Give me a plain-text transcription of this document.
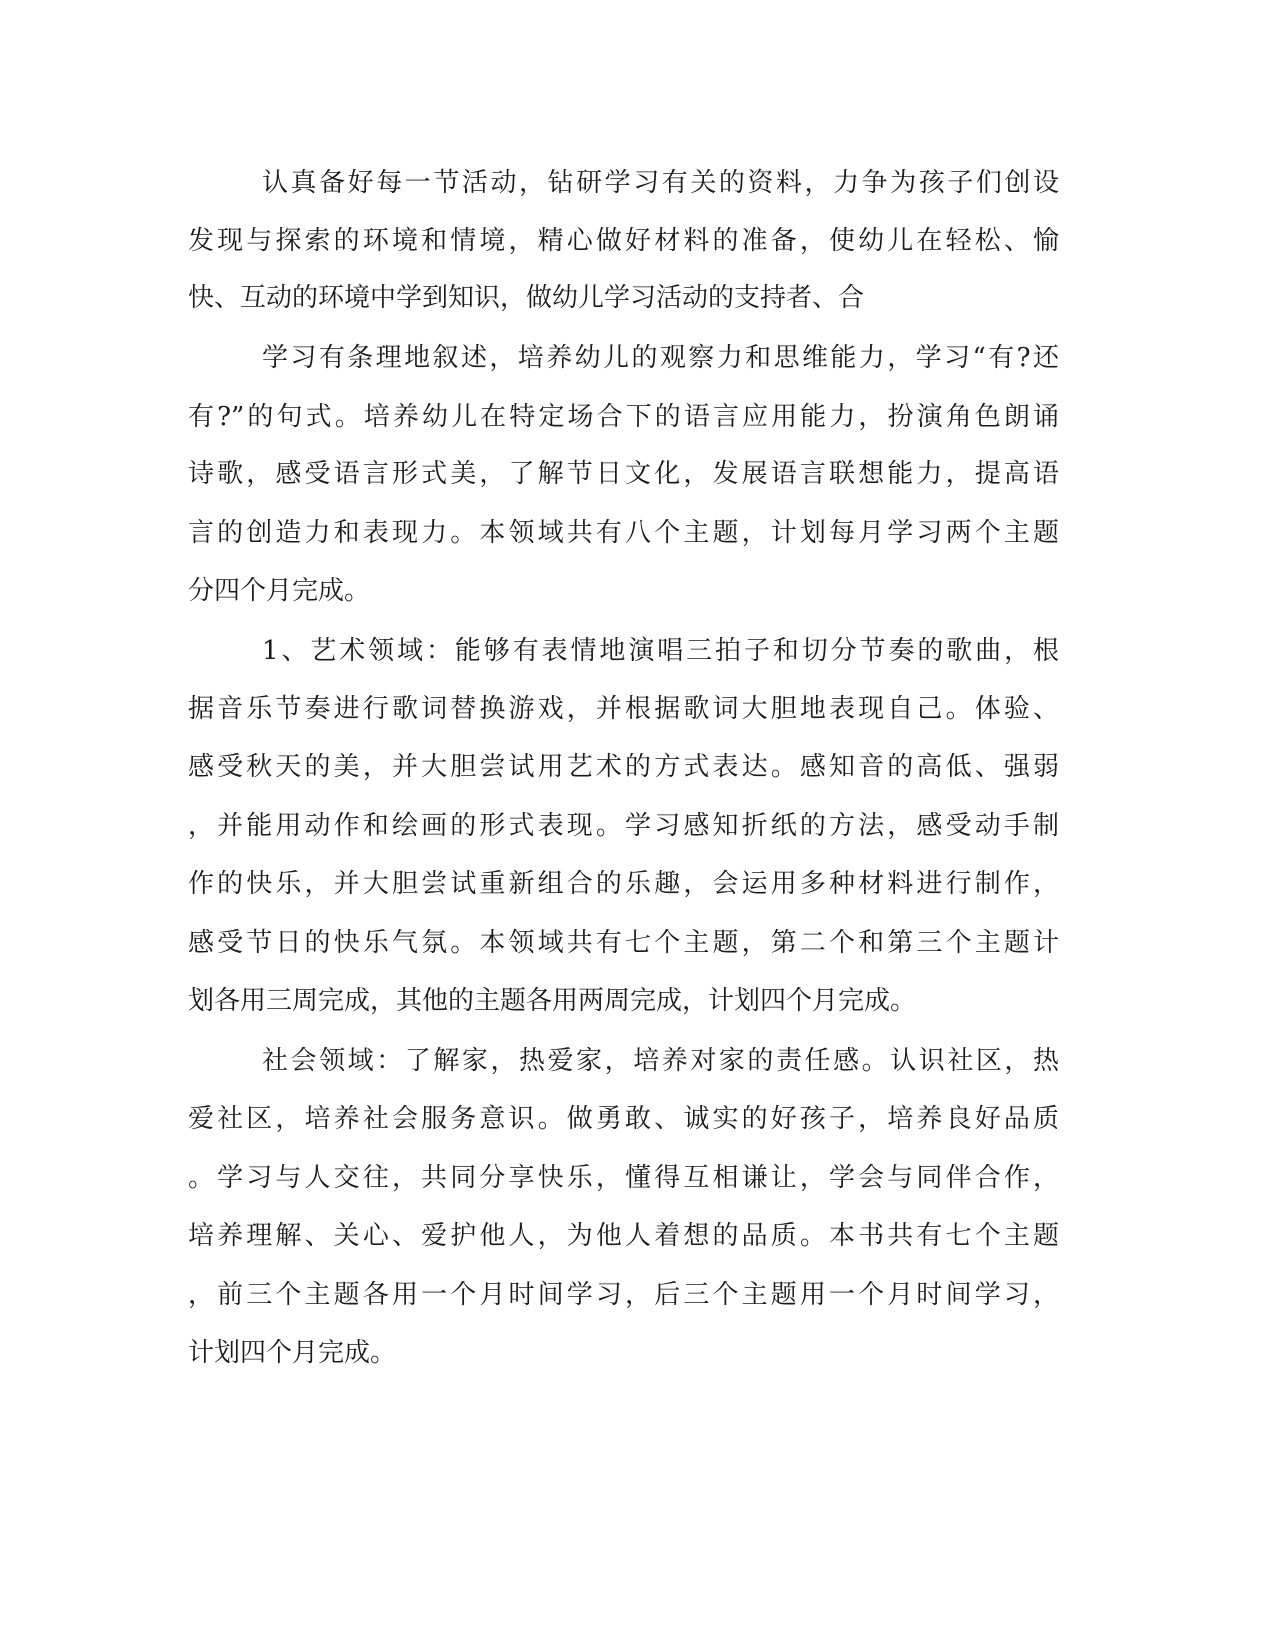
认真备好每一节活动，钻研学习有关的资料，力争为孩子们创设
发现与探索的环境和情境，精心做好材料的准备，使幼儿在轻松、愉
快、互动的环境中学到知识，做幼儿学习活动的支持者、合
学习有条理地叙述，培养幼儿的观察力和思维能力，学习“有?还
有?”的句式。培养幼儿在特定场合下的语言应用能力，扮演角色朗诵
诗歌，感受语言形式美，了解节日文化，发展语言联想能力，提高语
言的创造力和表现力。本领域共有八个主题，计划每月学习两个主题
分四个月完成。
1、艺术领域：能够有表情地演唱三拍子和切分节奏的歌曲，根
据音乐节奏进行歌词替换游戏，并根据歌词大胆地表现自己。体验、
感受秋天的美，并大胆尝试用艺术的方式表达。感知音的高低、强弱
，并能用动作和绘画的形式表现。学习感知折纸的方法，感受动手制
作的快乐，并大胆尝试重新组合的乐趣，会运用多种材料进行制作，
感受节日的快乐气氛。本领域共有七个主题，第二个和第三个主题计
划各用三周完成，其他的主题各用两周完成，计划四个月完成。
社会领域：了解家，热爱家，培养对家的责任感。认识社区，热
爱社区，培养社会服务意识。做勇敢、诚实的好孩子，培养良好品质
。学习与人交往，共同分享快乐，懂得互相谦让，学会与同伴合作，
培养理解、关心、爱护他人，为他人着想的品质。本书共有七个主题
，前三个主题各用一个月时间学习，后三个主题用一个月时间学习，
计划四个月完成。
